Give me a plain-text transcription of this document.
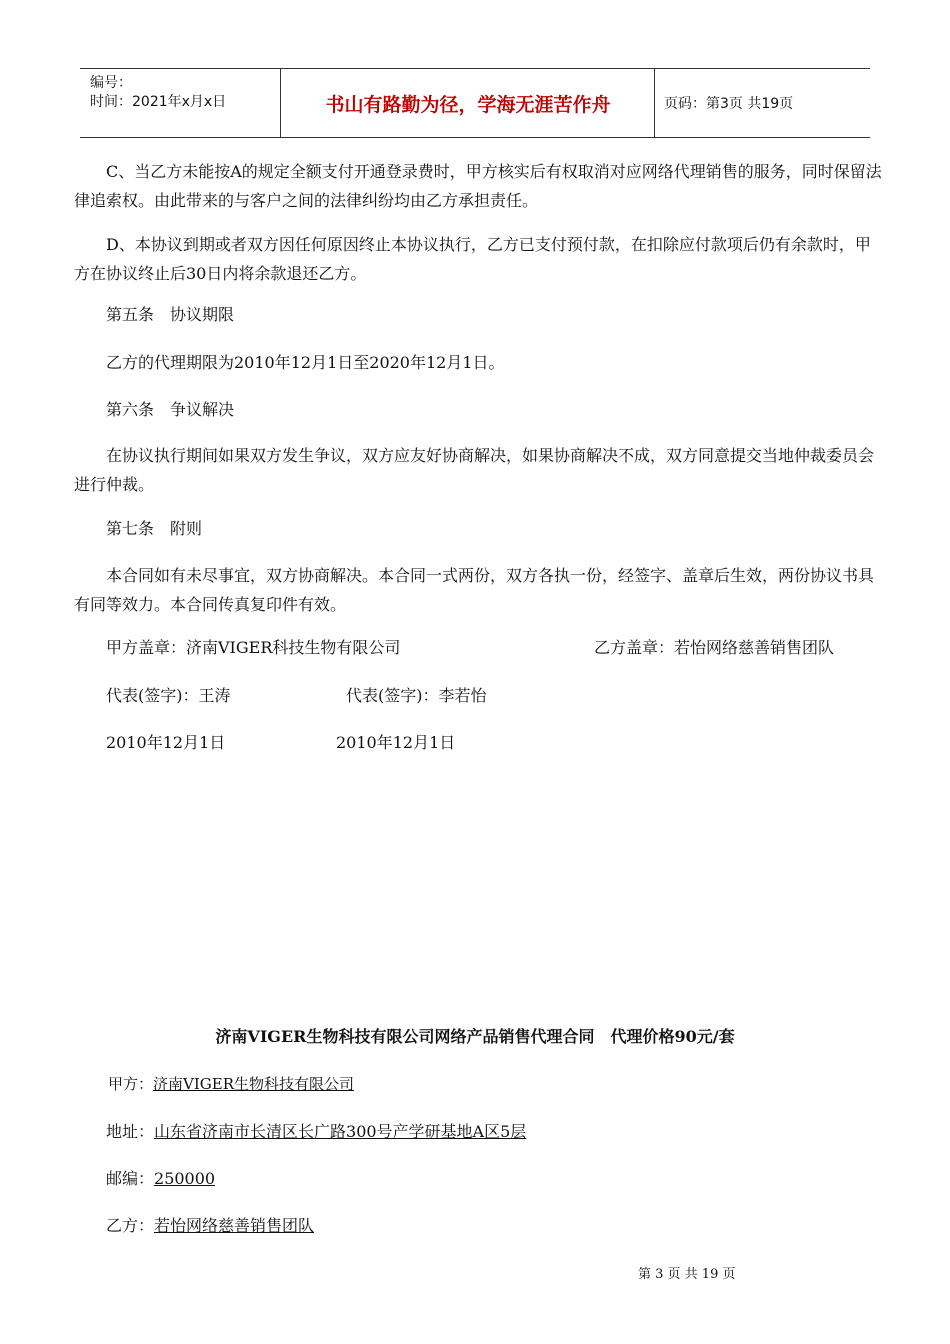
编号：
时间：2021年x月x日	书山有路勤为径，学海无涯苦作舟	页码：第3页 共19页

C、当乙方未能按A的规定全额支付开通登录费时，甲方核实后有权取消对应网络代理销售的服务，同时保留法律追索权。由此带来的与客户之间的法律纠纷均由乙方承担责任。

D、本协议到期或者双方因任何原因终止本协议执行，乙方已支付预付款，在扣除应付款项后仍有余款时，甲方在协议终止后30日内将余款退还乙方。

第五条　协议期限

乙方的代理期限为2010年12月1日至2020年12月1日。

第六条　争议解决

在协议执行期间如果双方发生争议，双方应友好协商解决，如果协商解决不成，双方同意提交当地仲裁委员会进行仲裁。

第七条　附则

本合同如有未尽事宜，双方协商解决。本合同一式两份，双方各执一份，经签字、盖章后生效，两份协议书具有同等效力。本合同传真复印件有效。

甲方盖章：济南VIGER科技生物有限公司	乙方盖章：若怡网络慈善销售团队

代表(签字)：王涛	代表(签字)：李若怡

2010年12月1日	2010年12月1日

济南VIGER生物科技有限公司网络产品销售代理合同　代理价格90元/套

甲方：济南VIGER生物科技有限公司

地址：山东省济南市长清区长广路300号产学研基地A区5层

邮编：250000

乙方：若怡网络慈善销售团队

第 3 页 共 19 页
